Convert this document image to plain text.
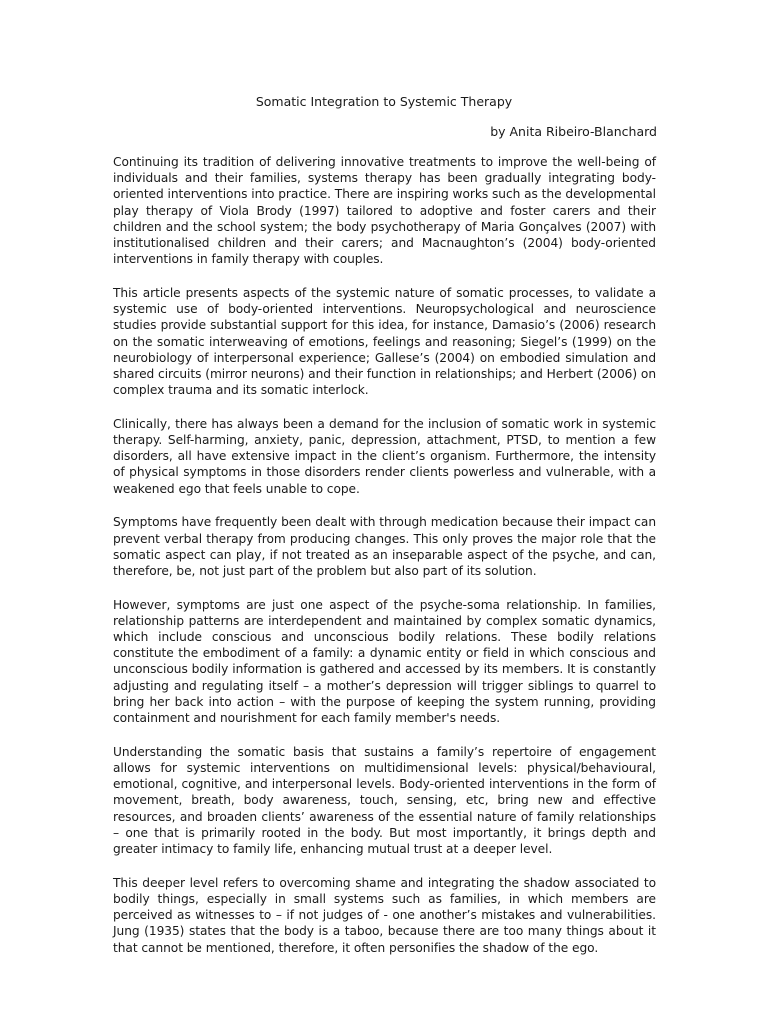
Somatic Integration to Systemic Therapy

by Anita Ribeiro-Blanchard

Continuing its tradition of delivering innovative treatments to improve the well-being of individuals and their families, systems therapy has been gradually integrating body-oriented interventions into practice. There are inspiring works such as the developmental play therapy of Viola Brody (1997) tailored to adoptive and foster carers and their children and the school system; the body psychotherapy of Maria Gonçalves (2007) with institutionalised children and their carers; and Macnaughton’s (2004) body-oriented interventions in family therapy with couples.

This article presents aspects of the systemic nature of somatic processes, to validate a systemic use of body-oriented interventions. Neuropsychological and neuroscience studies provide substantial support for this idea, for instance, Damasio’s (2006) research on the somatic interweaving of emotions, feelings and reasoning; Siegel’s (1999) on the neurobiology of interpersonal experience; Gallese’s (2004) on embodied simulation and shared circuits (mirror neurons) and their function in relationships; and Herbert (2006) on complex trauma and its somatic interlock.

Clinically, there has always been a demand for the inclusion of somatic work in systemic therapy. Self-harming, anxiety, panic, depression, attachment, PTSD, to mention a few disorders, all have extensive impact in the client’s organism. Furthermore, the intensity of physical symptoms in those disorders render clients powerless and vulnerable, with a weakened ego that feels unable to cope.

Symptoms have frequently been dealt with through medication because their impact can prevent verbal therapy from producing changes. This only proves the major role that the somatic aspect can play, if not treated as an inseparable aspect of the psyche, and can, therefore, be, not just part of the problem but also part of its solution.

However, symptoms are just one aspect of the psyche-soma relationship. In families, relationship patterns are interdependent and maintained by complex somatic dynamics, which include conscious and unconscious bodily relations. These bodily relations constitute the embodiment of a family: a dynamic entity or field in which conscious and unconscious bodily information is gathered and accessed by its members. It is constantly adjusting and regulating itself – a mother’s depression will trigger siblings to quarrel to bring her back into action – with the purpose of keeping the system running, providing containment and nourishment for each family member's needs.

Understanding the somatic basis that sustains a family’s repertoire of engagement allows for systemic interventions on multidimensional levels: physical/behavioural, emotional, cognitive, and interpersonal levels. Body-oriented interventions in the form of movement, breath, body awareness, touch, sensing, etc, bring new and effective resources, and broaden clients’ awareness of the essential nature of family relationships – one that is primarily rooted in the body. But most importantly, it brings depth and greater intimacy to family life, enhancing mutual trust at a deeper level.

This deeper level refers to overcoming shame and integrating the shadow associated to bodily things, especially in small systems such as families, in which members are perceived as witnesses to – if not judges of - one another’s mistakes and vulnerabilities. Jung (1935) states that the body is a taboo, because there are too many things about it that cannot be mentioned, therefore, it often personifies the shadow of the ego.
